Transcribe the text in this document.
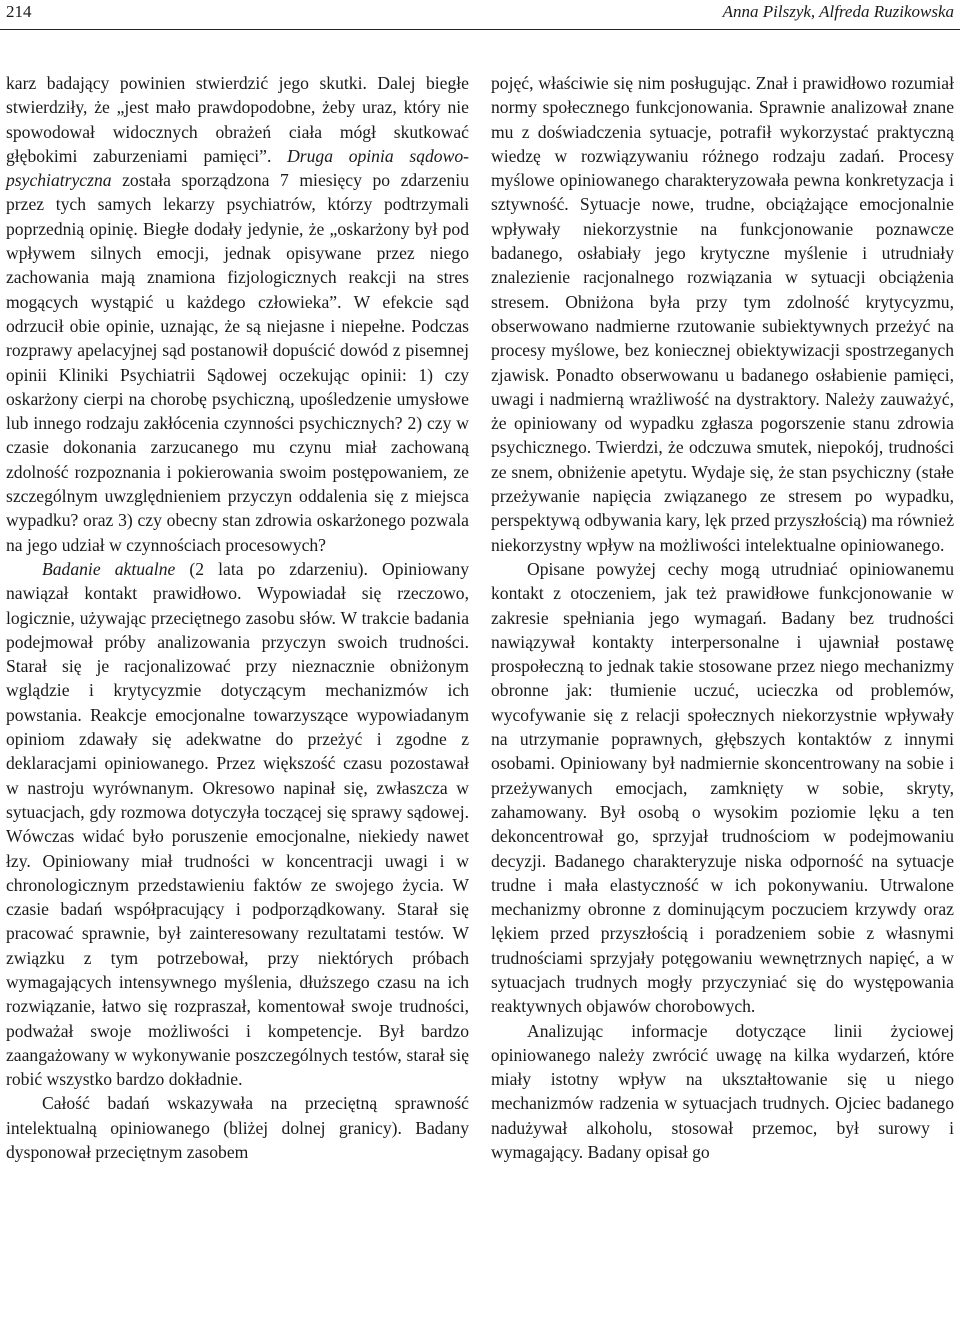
214	Anna Pilszyk, Alfreda Ruzikowska

karz badający powinien stwierdzić jego skutki. Dalej biegłe stwierdziły, że „jest mało prawdopodobne, żeby uraz, który nie spowodował widocznych obrażeń ciała mógł skutkować głębokimi zaburzeniami pamięci”. Druga opinia sądowo-psychiatryczna została sporządzona 7 miesięcy po zdarzeniu przez tych samych lekarzy psychiatrów, którzy podtrzymali poprzednią opinię. Biegłe dodały jedynie, że „oskarżony był pod wpływem silnych emocji, jednak opisywane przez niego zachowania mają znamiona fizjologicznych reakcji na stres mogących wystąpić u każdego człowieka”. W efekcie sąd odrzucił obie opinie, uznając, że są niejasne i niepełne. Podczas rozprawy apelacyjnej sąd postanowił dopuścić dowód z pisemnej opinii Kliniki Psychiatrii Sądowej oczekując opinii: 1) czy oskarżony cierpi na chorobę psychiczną, upośledzenie umysłowe lub innego rodzaju zakłócenia czynności psychicznych? 2) czy w czasie dokonania zarzucanego mu czynu miał zachowaną zdolność rozpoznania i pokierowania swoim postępowaniem, ze szczególnym uwzględnieniem przyczyn oddalenia się z miejsca wypadku? oraz 3) czy obecny stan zdrowia oskarżonego pozwala na jego udział w czynnościach procesowych?

Badanie aktualne (2 lata po zdarzeniu). Opiniowany nawiązał kontakt prawidłowo. Wypowiadał się rzeczowo, logicznie, używając przeciętnego zasobu słów. W trakcie badania podejmował próby analizowania przyczyn swoich trudności. Starał się je racjonalizować przy nieznacznie obniżonym wglądzie i krytycyzmie dotyczącym mechanizmów ich powstania. Reakcje emocjonalne towarzyszące wypowiadanym opiniom zdawały się adekwatne do przeżyć i zgodne z deklaracjami opiniowanego. Przez większość czasu pozostawał w nastroju wyrównanym. Okresowo napinał się, zwłaszcza w sytuacjach, gdy rozmowa dotyczyła toczącej się sprawy sądowej. Wówczas widać było poruszenie emocjonalne, niekiedy nawet łzy. Opiniowany miał trudności w koncentracji uwagi i w chronologicznym przedstawieniu faktów ze swojego życia. W czasie badań współpracujący i podporządkowany. Starał się pracować sprawnie, był zainteresowany rezultatami testów. W związku z tym potrzebował, przy niektórych próbach wymagających intensywnego myślenia, dłuższego czasu na ich rozwiązanie, łatwo się rozpraszał, komentował swoje trudności, podważał swoje możliwości i kompetencje. Był bardzo zaangażowany w wykonywanie poszczególnych testów, starał się robić wszystko bardzo dokładnie.

Całość badań wskazywała na przeciętną sprawność intelektualną opiniowanego (bliżej dolnej granicy). Badany dysponował przeciętnym zasobem

pojęć, właściwie się nim posługując. Znał i prawidłowo rozumiał normy społecznego funkcjonowania. Sprawnie analizował znane mu z doświadczenia sytuacje, potrafił wykorzystać praktyczną wiedzę w rozwiązywaniu różnego rodzaju zadań. Procesy myślowe opiniowanego charakteryzowała pewna konkretyzacja i sztywność. Sytuacje nowe, trudne, obciążające emocjonalnie wpływały niekorzystnie na funkcjonowanie poznawcze badanego, osłabiały jego krytyczne myślenie i utrudniały znalezienie racjonalnego rozwiązania w sytuacji obciążenia stresem. Obniżona była przy tym zdolność krytycyzmu, obserwowano nadmierne rzutowanie subiektywnych przeżyć na procesy myślowe, bez koniecznej obiektywizacji spostrzeganych zjawisk. Ponadto obserwowanu u badanego osłabienie pamięci, uwagi i nadmierną wrażliwość na dystraktory. Należy zauważyć, że opiniowany od wypadku zgłasza pogorszenie stanu zdrowia psychicznego. Twierdzi, że odczuwa smutek, niepokój, trudności ze snem, obniżenie apetytu. Wydaje się, że stan psychiczny (stałe przeżywanie napięcia związanego ze stresem po wypadku, perspektywą odbywania kary, lęk przed przyszłością) ma również niekorzystny wpływ na możliwości intelektualne opiniowanego.

Opisane powyżej cechy mogą utrudniać opiniowanemu kontakt z otoczeniem, jak też prawidłowe funkcjonowanie w zakresie spełniania jego wymagań. Badany bez trudności nawiązywał kontakty interpersonalne i ujawniał postawę prospołeczną to jednak takie stosowane przez niego mechanizmy obronne jak: tłumienie uczuć, ucieczka od problemów, wycofywanie się z relacji społecznych niekorzystnie wpływały na utrzymanie poprawnych, głębszych kontaktów z innymi osobami. Opiniowany był nadmiernie skoncentrowany na sobie i przeżywanych emocjach, zamknięty w sobie, skryty, zahamowany. Był osobą o wysokim poziomie lęku a ten dekoncentrował go, sprzyjał trudnościom w podejmowaniu decyzji. Badanego charakteryzuje niska odporność na sytuacje trudne i mała elastyczność w ich pokonywaniu. Utrwalone mechanizmy obronne z dominującym poczuciem krzywdy oraz lękiem przed przyszłością i poradzeniem sobie z własnymi trudnościami sprzyjały potęgowaniu wewnętrznych napięć, a w sytuacjach trudnych mogły przyczyniać się do występowania reaktywnych objawów chorobowych.

Analizując informacje dotyczące linii życiowej opiniowanego należy zwrócić uwagę na kilka wydarzeń, które miały istotny wpływ na ukształtowanie się u niego mechanizmów radzenia w sytuacjach trudnych. Ojciec badanego nadużywał alkoholu, stosował przemoc, był surowy i wymagający. Badany opisał go
